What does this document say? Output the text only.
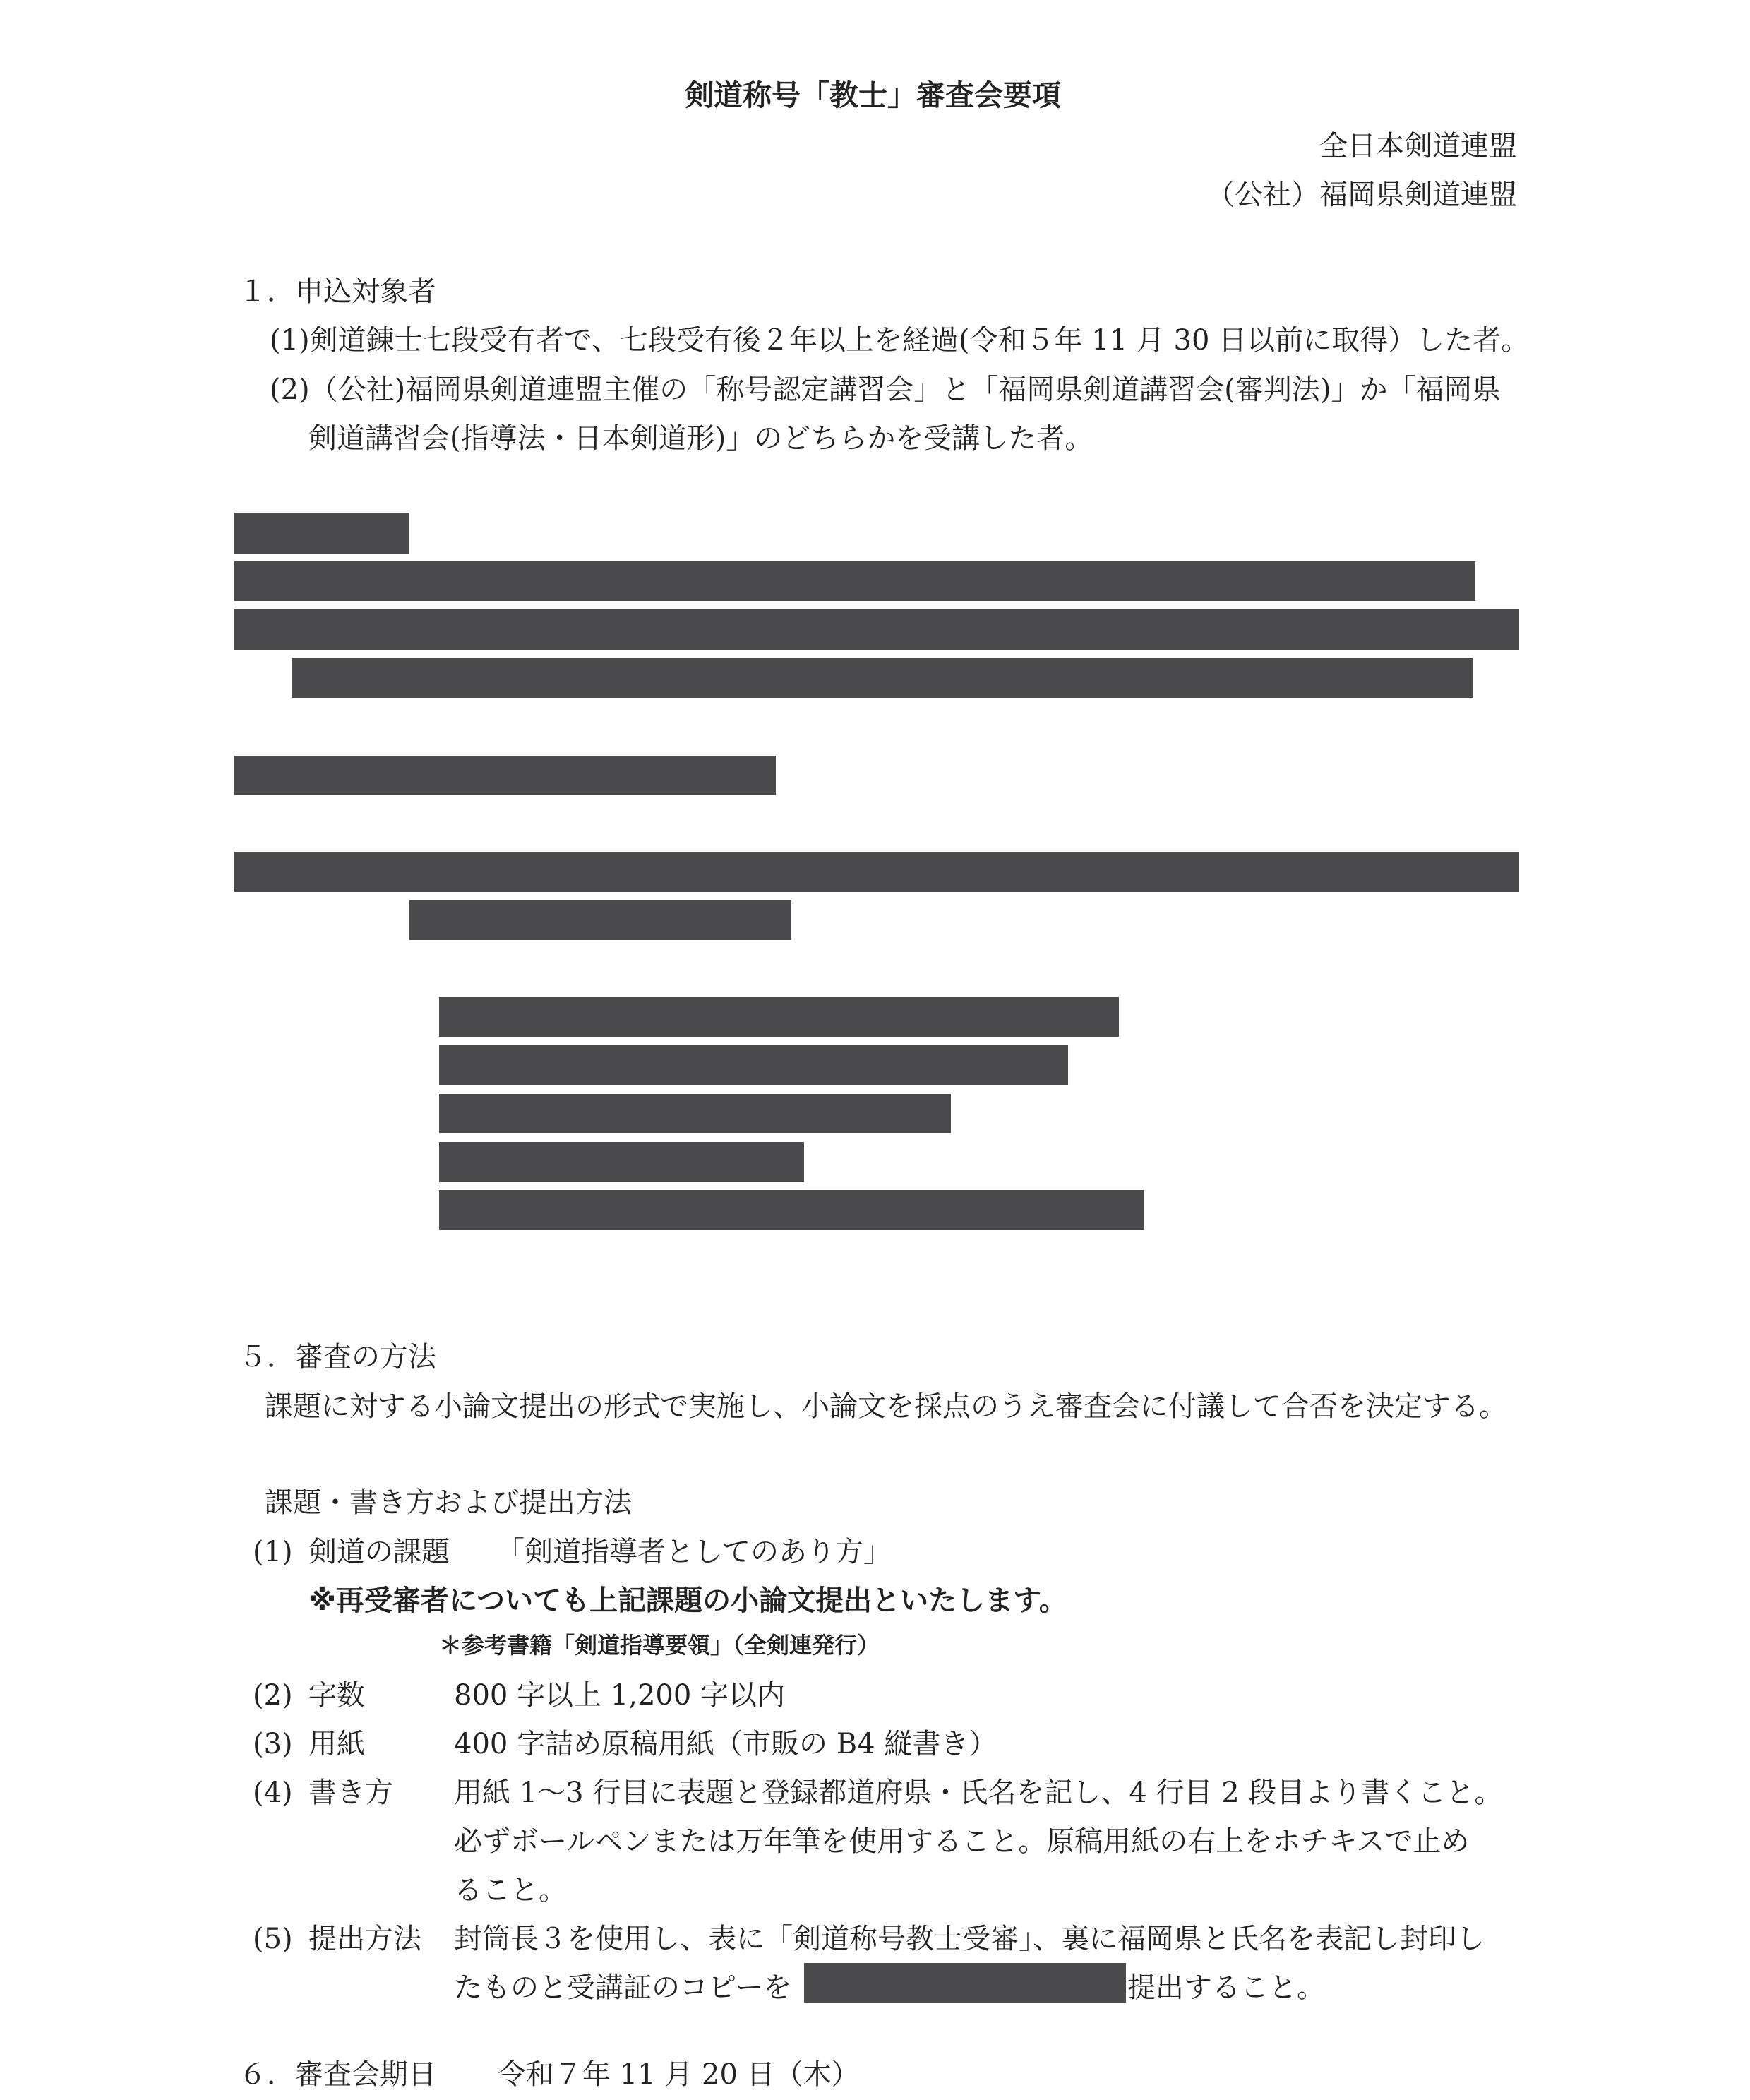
剣道称号「教士」審査会要項
全日本剣道連盟
（公社）福岡県剣道連盟
１．申込対象者
(1)剣道錬士七段受有者で、七段受有後２年以上を経過(令和５年 11 月 30 日以前に取得）した者。
(2)（公社)福岡県剣道連盟主催の「称号認定講習会」と「福岡県剣道講習会(審判法)」か「福岡県
剣道講習会(指導法・日本剣道形)」のどちらかを受講した者。
５．審査の方法
課題に対する小論文提出の形式で実施し、小論文を採点のうえ審査会に付議して合否を決定する。
課題・書き方および提出方法
(1) 剣道の課題 「剣道指導者としてのあり方」
※再受審者についても上記課題の小論文提出といたします。
＊参考書籍「剣道指導要領」（全剣連発行）
(2) 字数	800 字以上 1,200 字以内
(3) 用紙	400 字詰め原稿用紙（市販の B4 縦書き）
(4) 書き方 用紙 1～3 行目に表題と登録都道府県・氏名を記し、4 行目 2 段目より書くこと。
必ずボールペンまたは万年筆を使用すること。原稿用紙の右上をホチキスで止め
ること。
(5) 提出方法 封筒長３を使用し、表に「剣道称号教士受審」、裏に福岡県と氏名を表記し封印し
たものと受講証のコピーを	提出すること。
６．審査会期日 令和７年 11 月 20 日（木）
